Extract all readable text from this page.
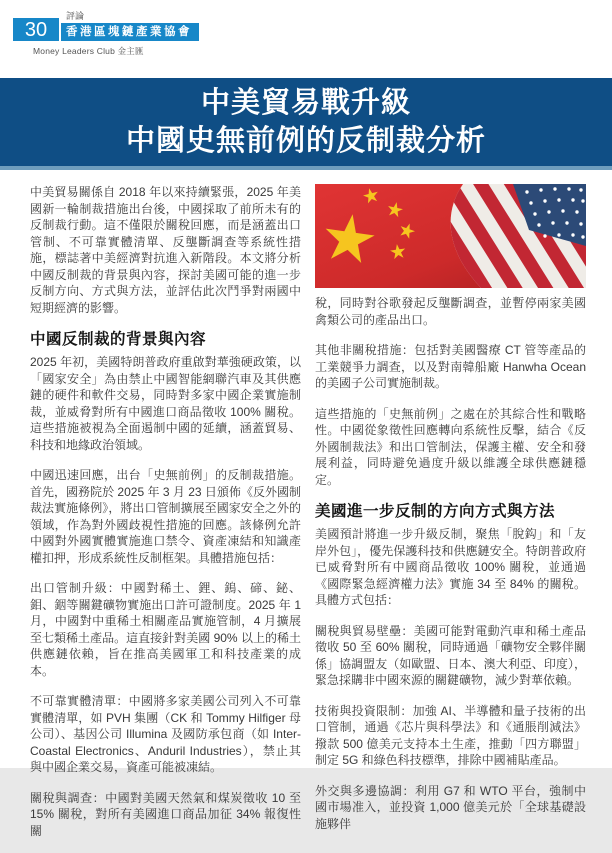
30
評論
香港區塊鏈產業協會
Money Leaders Club 金主匯
中美貿易戰升級
中國史無前例的反制裁分析

中美貿易關係自 2018 年以來持續緊張，2025 年美國新一輪制裁措施出台後，中國採取了前所未有的反制裁行動。這不僅限於關稅回應，而是涵蓋出口管制、不可靠實體清單、反壟斷調查等系統性措施，標誌著中美經濟對抗進入新階段。本文將分析中國反制裁的背景與內容，探討美國可能的進一步反制方向、方式與方法，並評估此次鬥爭對兩國中短期經濟的影響。

中國反制裁的背景與內容

2025 年初，美國特朗普政府重啟對華強硬政策，以「國家安全」為由禁止中國智能網聯汽車及其供應鏈的硬件和軟件交易，同時對多家中國企業實施制裁，並威脅對所有中國進口商品徵收 100% 關稅。這些措施被視為全面遏制中國的延續，涵蓋貿易、科技和地緣政治領域。

中國迅速回應，出台「史無前例」的反制裁措施。首先，國務院於 2025 年 3 月 23 日頒佈《反外國制裁法實施條例》，將出口管制擴展至國家安全之外的領域，作為對外國歧視性措施的回應。該條例允許中國對外國實體實施進口禁令、資產凍結和知識產權扣押，形成系統性反制框架。具體措施包括：

出口管制升級：中國對稀土、鋰、鎢、碲、鉍、鉬、銦等關鍵礦物實施出口許可證制度。2025 年 1 月，中國對中重稀土相關產品實施管制，4 月擴展至七類稀土產品。這直接針對美國 90% 以上的稀土供應鏈依賴，旨在推高美國軍工和科技產業的成本。

不可靠實體清單：中國將多家美國公司列入不可靠實體清單，如 PVH 集團（CK 和 Tommy Hilfiger 母公司）、基因公司 Illumina 及國防承包商（如 Inter-Coastal Electronics、Anduril Industries），禁止其與中國企業交易，資產可能被凍結。

關稅與調查：中國對美國天然氣和煤炭徵收 10 至 15% 關稅，對所有美國進口商品加征 34% 報復性關

稅，同時對谷歌發起反壟斷調查，並暫停兩家美國禽類公司的產品出口。

其他非關稅措施：包括對美國醫療 CT 管等產品的工業競爭力調查，以及對南韓船廠 Hanwha Ocean 的美國子公司實施制裁。

這些措施的「史無前例」之處在於其綜合性和戰略性。中國從象徵性回應轉向系統性反擊，結合《反外國制裁法》和出口管制法，保護主權、安全和發展利益，同時避免過度升級以維護全球供應鏈穩定。

美國進一步反制的方向方式與方法

美國預計將進一步升級反制，聚焦「脫鈎」和「友岸外包」，優先保護科技和供應鏈安全。特朗普政府已威脅對所有中國商品徵收 100% 關稅，並通過《國際緊急經濟權力法》實施 34 至 84% 的關稅。具體方式包括：

關稅與貿易壁壘：美國可能對電動汽車和稀土產品徵收 50 至 60% 關稅，同時通過「礦物安全夥伴關係」協調盟友（如歐盟、日本、澳大利亞、印度），緊急採購非中國來源的關鍵礦物，減少對華依賴。

技術與投資限制：加強 AI、半導體和量子技術的出口管制，通過《芯片與科學法》和《通脹削減法》撥款 500 億美元支持本土生產，推動「四方聯盟」制定 5G 和綠色科技標準，排除中國補貼產品。

外交與多邊協調：利用 G7 和 WTO 平台，強制中國市場准入，並投資 1,000 億美元於「全球基礎設施夥伴
